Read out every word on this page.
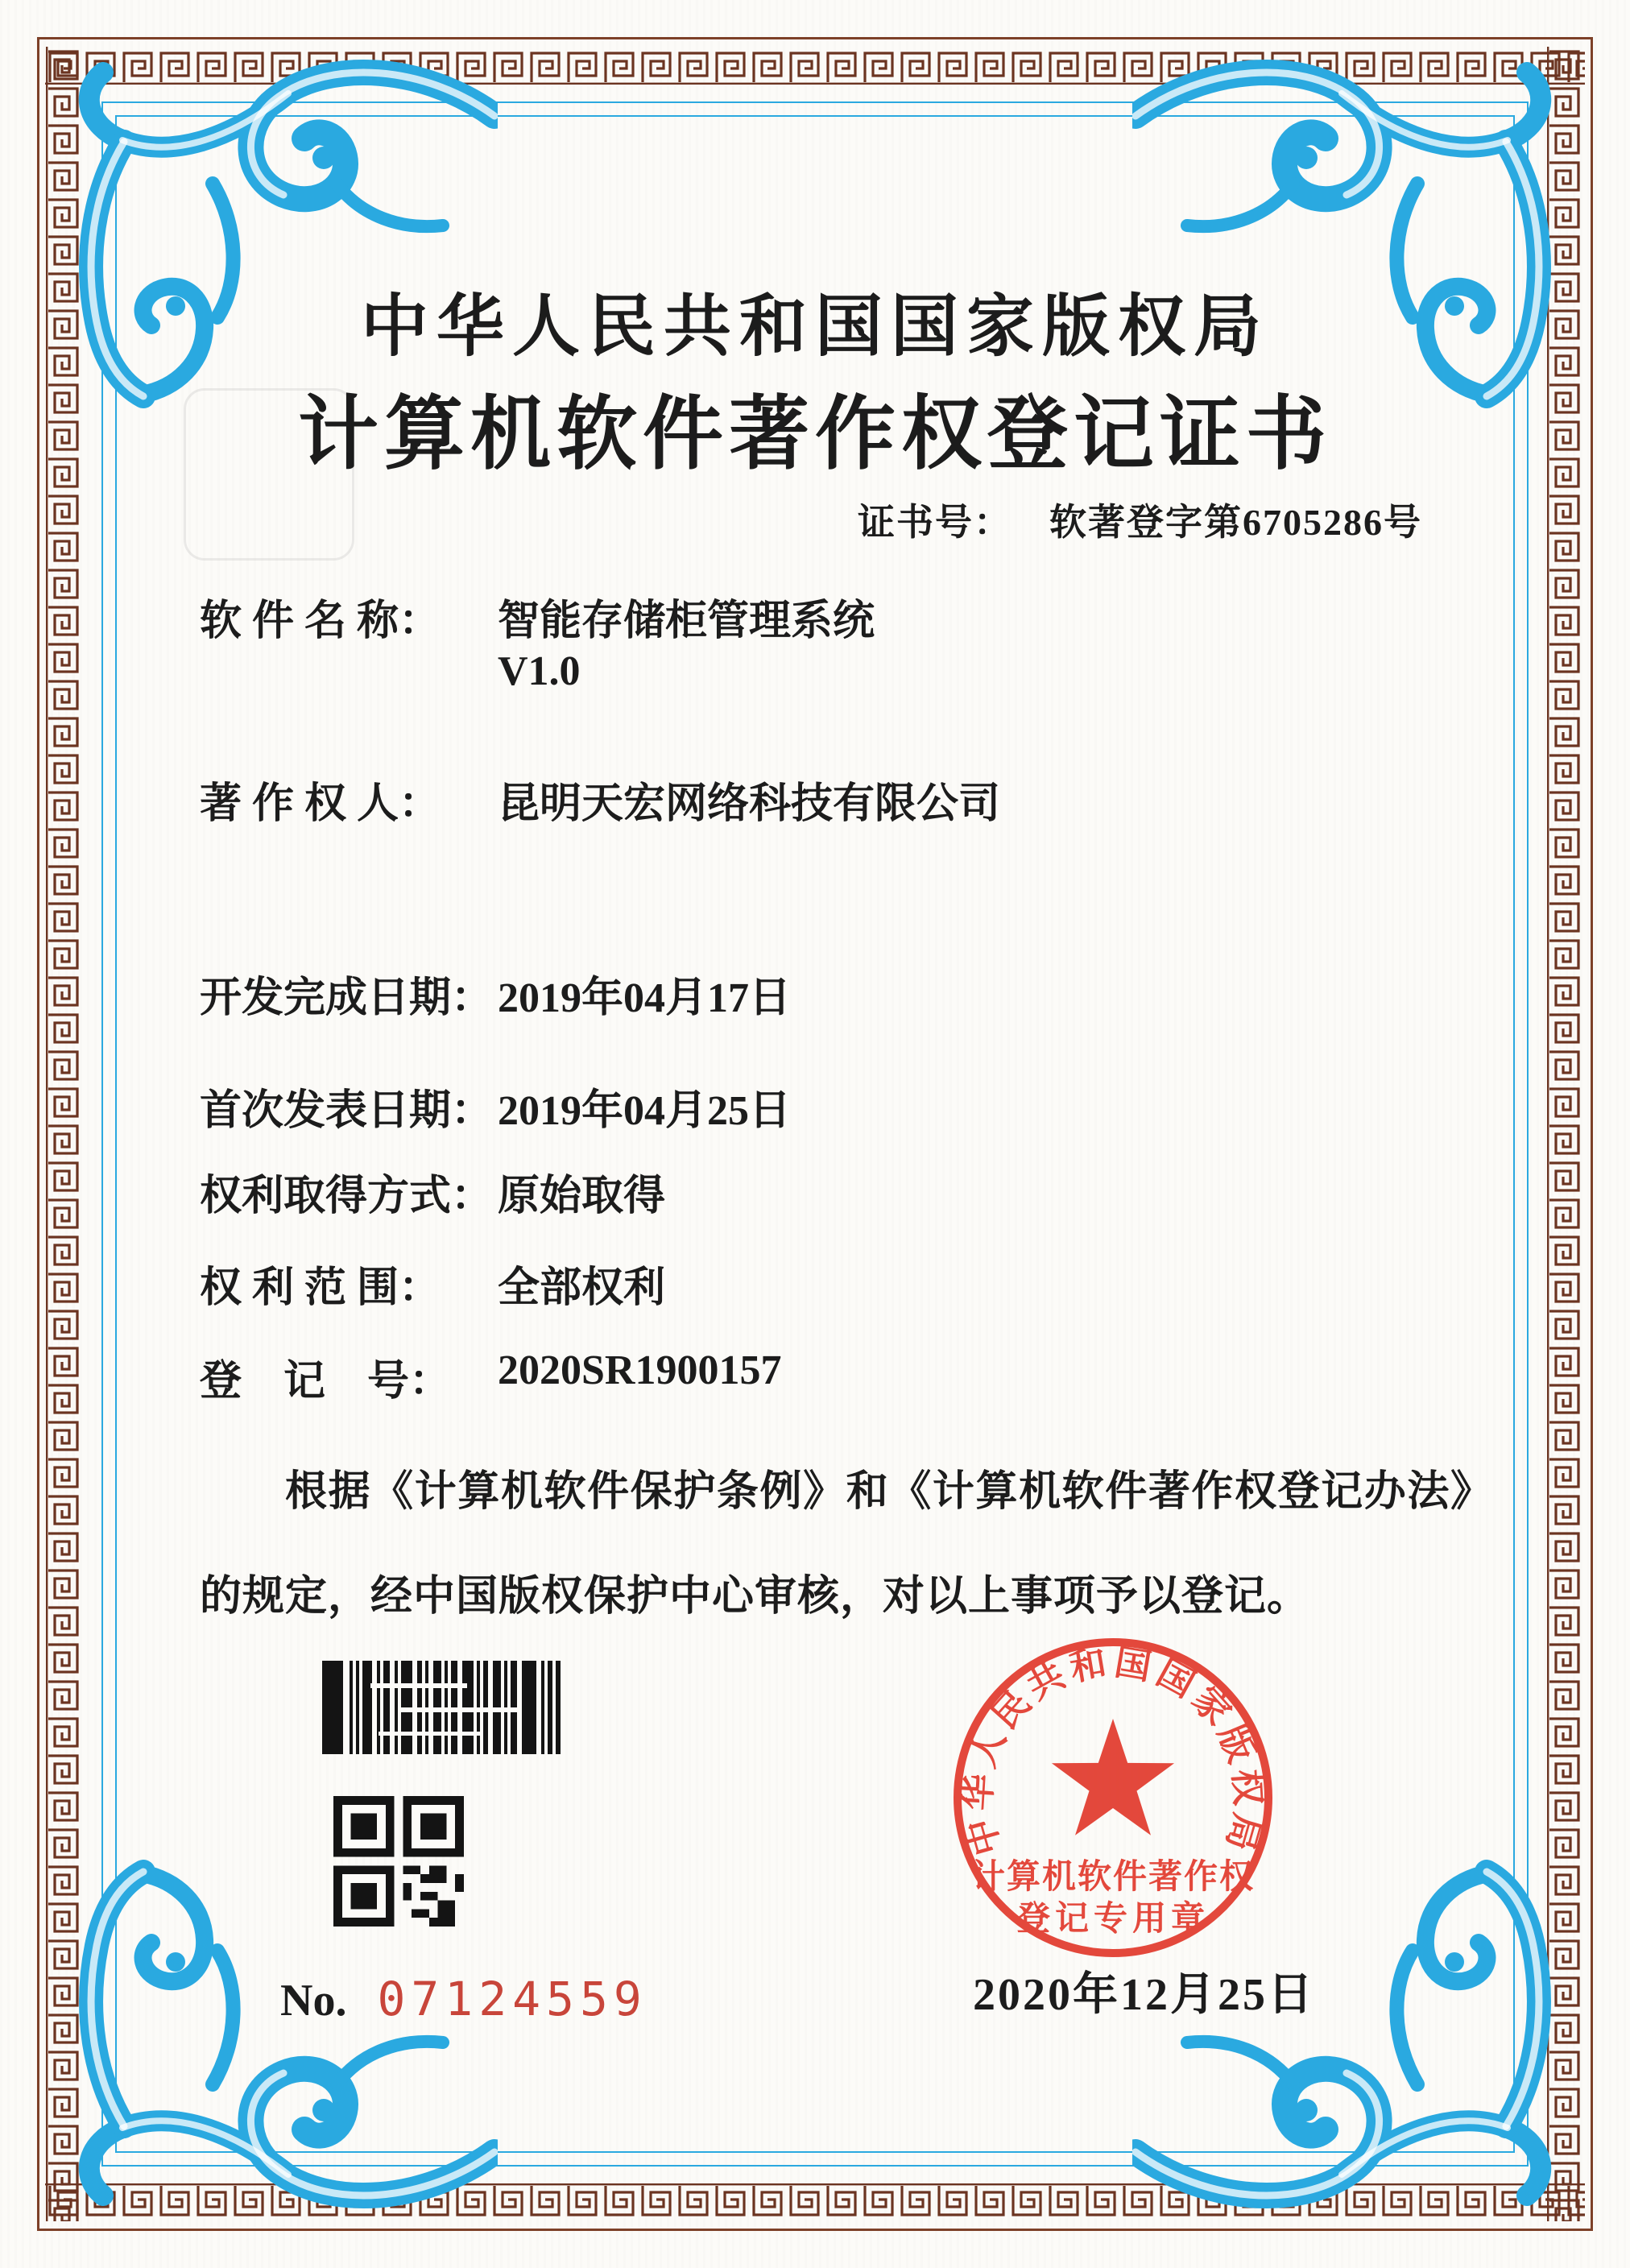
中华人民共和国国家版权局
计算机软件著作权登记证书
证书号： 软著登字第6705286号
软 件 名 称： 智能存储柜管理系统
V1.0
著 作 权 人： 昆明天宏网络科技有限公司
开发完成日期： 2019年04月17日
首次发表日期： 2019年04月25日
权利取得方式： 原始取得
权 利 范 围： 全部权利
登　记　号： 2020SR1900157
根据《计算机软件保护条例》和《计算机软件著作权登记办法》的规定，经中国版权保护中心审核，对以上事项予以登记。
No. 07124559
中华人民共和国国家版权局
计算机软件著作权
登记专用章
2020年12月25日
